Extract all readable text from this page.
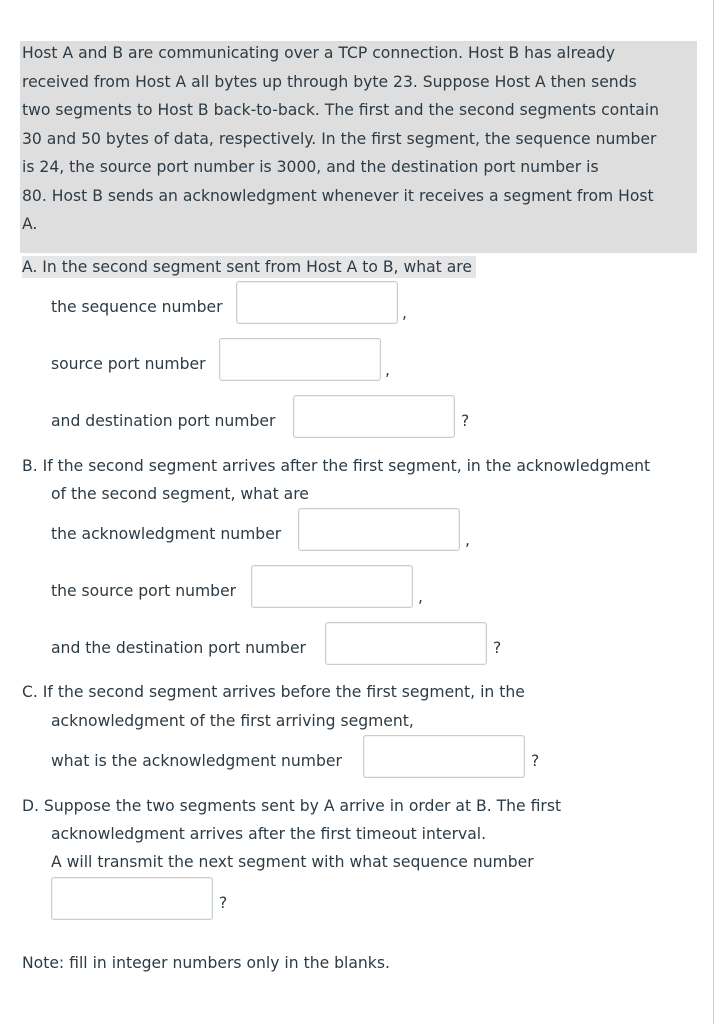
Host A and B are communicating over a TCP connection. Host B has already
received from Host A all bytes up through byte 23. Suppose Host A then sends
two segments to Host B back-to-back. The first and the second segments contain
30 and 50 bytes of data, respectively. In the first segment, the sequence number
is 24, the source port number is 3000, and the destination port number is
80. Host B sends an acknowledgment whenever it receives a segment from Host
A.
A. In the second segment sent from Host A to B, what are
the sequence number	,
source port number	,
and destination port number	?
B. If the second segment arrives after the first segment, in the acknowledgment
of the second segment, what are
the acknowledgment number	,
the source port number	,
and the destination port number	?
C. If the second segment arrives before the first segment, in the
acknowledgment of the first arriving segment,
what is the acknowledgment number	?
D. Suppose the two segments sent by A arrive in order at B. The first
acknowledgment arrives after the first timeout interval.
A will transmit the next segment with what sequence number
?
Note: fill in integer numbers only in the blanks.
